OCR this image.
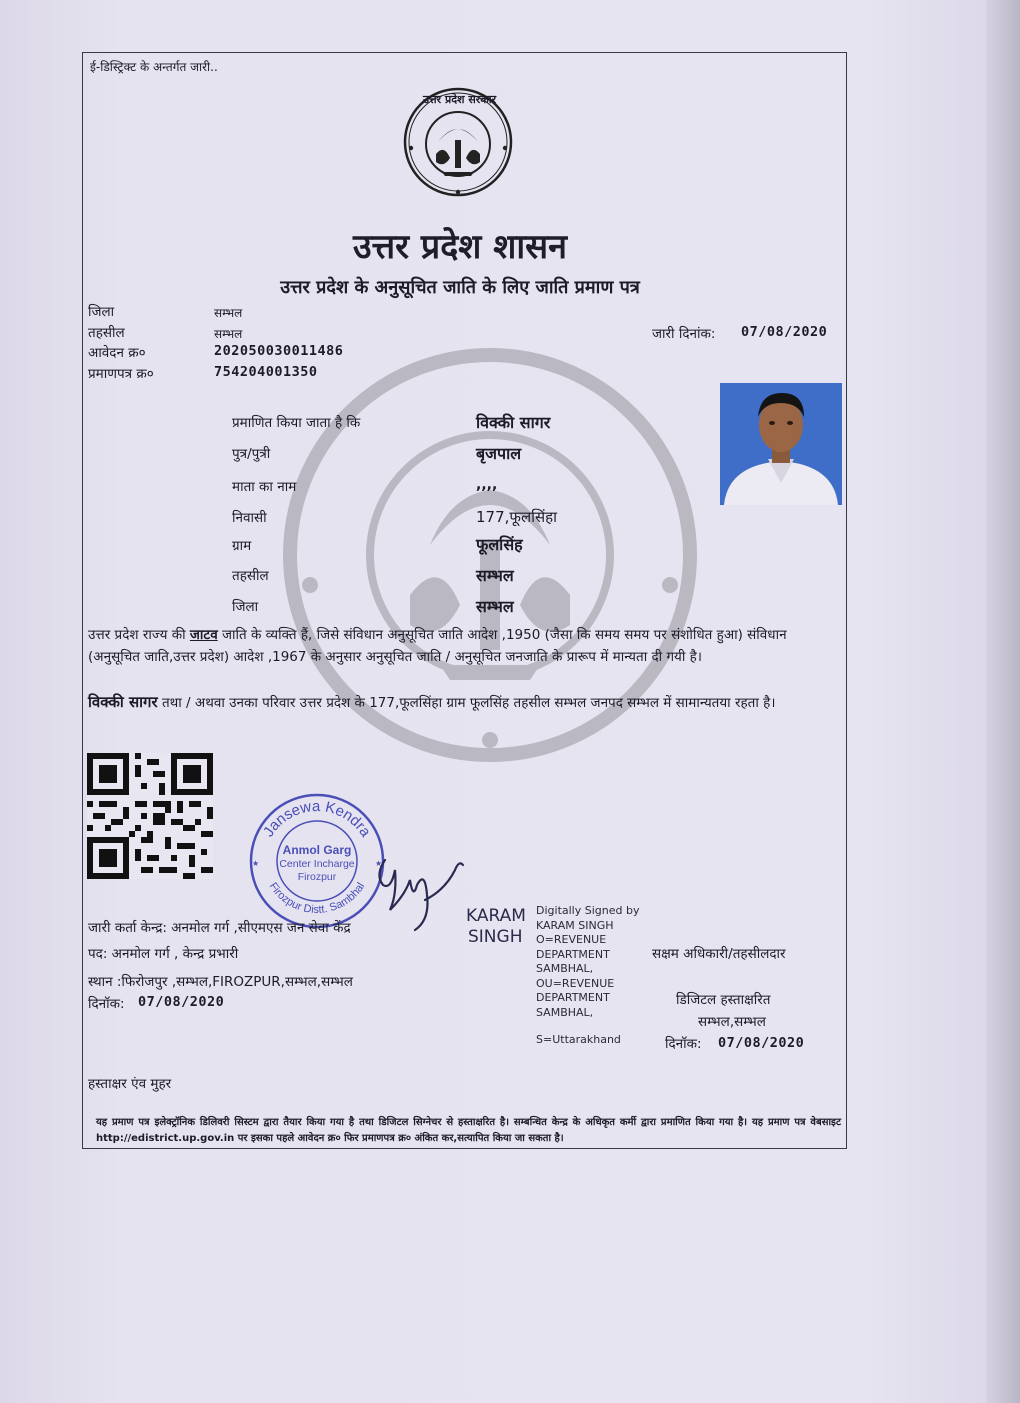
ई-डिस्ट्रिक्ट के अन्तर्गत जारी..
उत्तर प्रदेश सरकार
उत्तर प्रदेश शासन
उत्तर प्रदेश के अनुसूचित जाति के लिए जाति प्रमाण पत्र
जिला	सम्भल
तहसील	सम्भल
आवेदन क्र०	202050030011486
प्रमाणपत्र क्र०	754204001350
जारी दिनांक: 07/08/2020
प्रमाणित किया जाता है कि	विक्की सागर
पुत्र/पुत्री	बृजपाल
माता का नाम	,,,,
निवासी	177,फूलसिंहा
ग्राम	फूलसिंह
तहसील	सम्भल
जिला	सम्भल
उत्तर प्रदेश राज्य की जाटव जाति के व्यक्ति हैं, जिसे संविधान अनुसूचित जाति आदेश ,1950 (जैसा कि समय समय पर संशोधित हुआ) संविधान (अनुसूचित जाति,उत्तर प्रदेश) आदेश ,1967 के अनुसार अनुसूचित जाति / अनुसूचित जनजाति के प्रारूप में मान्यता दी गयी है।
विक्की सागर तथा / अथवा उनका परिवार उत्तर प्रदेश के 177,फूलसिंहा ग्राम फूलसिंह तहसील सम्भल जनपद सम्भल में सामान्यतया रहता है।
Jansewa Kendra
Firozpur Distt. Sambhal
Anmol Garg
Center Incharge
Firozpur
★	★
जारी कर्ता केन्द्र: अनमोल गर्ग ,सीएमएस जन सेवा केंद्र
पद: अनमोल गर्ग , केन्द्र प्रभारी
स्थान :फिरोजपुर ,सम्भल,FIROZPUR,सम्भल,सम्भल
दिनॉक: 07/08/2020
KARAM
SINGH
Digitally Signed by
KARAM SINGH
O=REVENUE
DEPARTMENT
SAMBHAL,
OU=REVENUE
DEPARTMENT
SAMBHAL,
S=Uttarakhand
सक्षम अधिकारी/तहसीलदार
डिजिटल हस्ताक्षरित
सम्भल,सम्भल
दिनॉक: 07/08/2020
हस्ताक्षर एंव मुहर
यह प्रमाण पत्र इलेक्ट्रॉनिक डिलिवरी सिस्टम द्वारा तैयार किया गया है तथा डिजिटल सिग्नेचर से हस्ताक्षरित है। सम्बन्धित केन्द्र के अधिकृत कर्मी द्वारा प्रमाणित किया गया है। यह प्रमाण पत्र वेबसाइट http://edistrict.up.gov.in पर इसका पहले आवेदन क्र० फिर प्रमाणपत्र क्र० अंकित कर,सत्यापित किया जा सकता है।
